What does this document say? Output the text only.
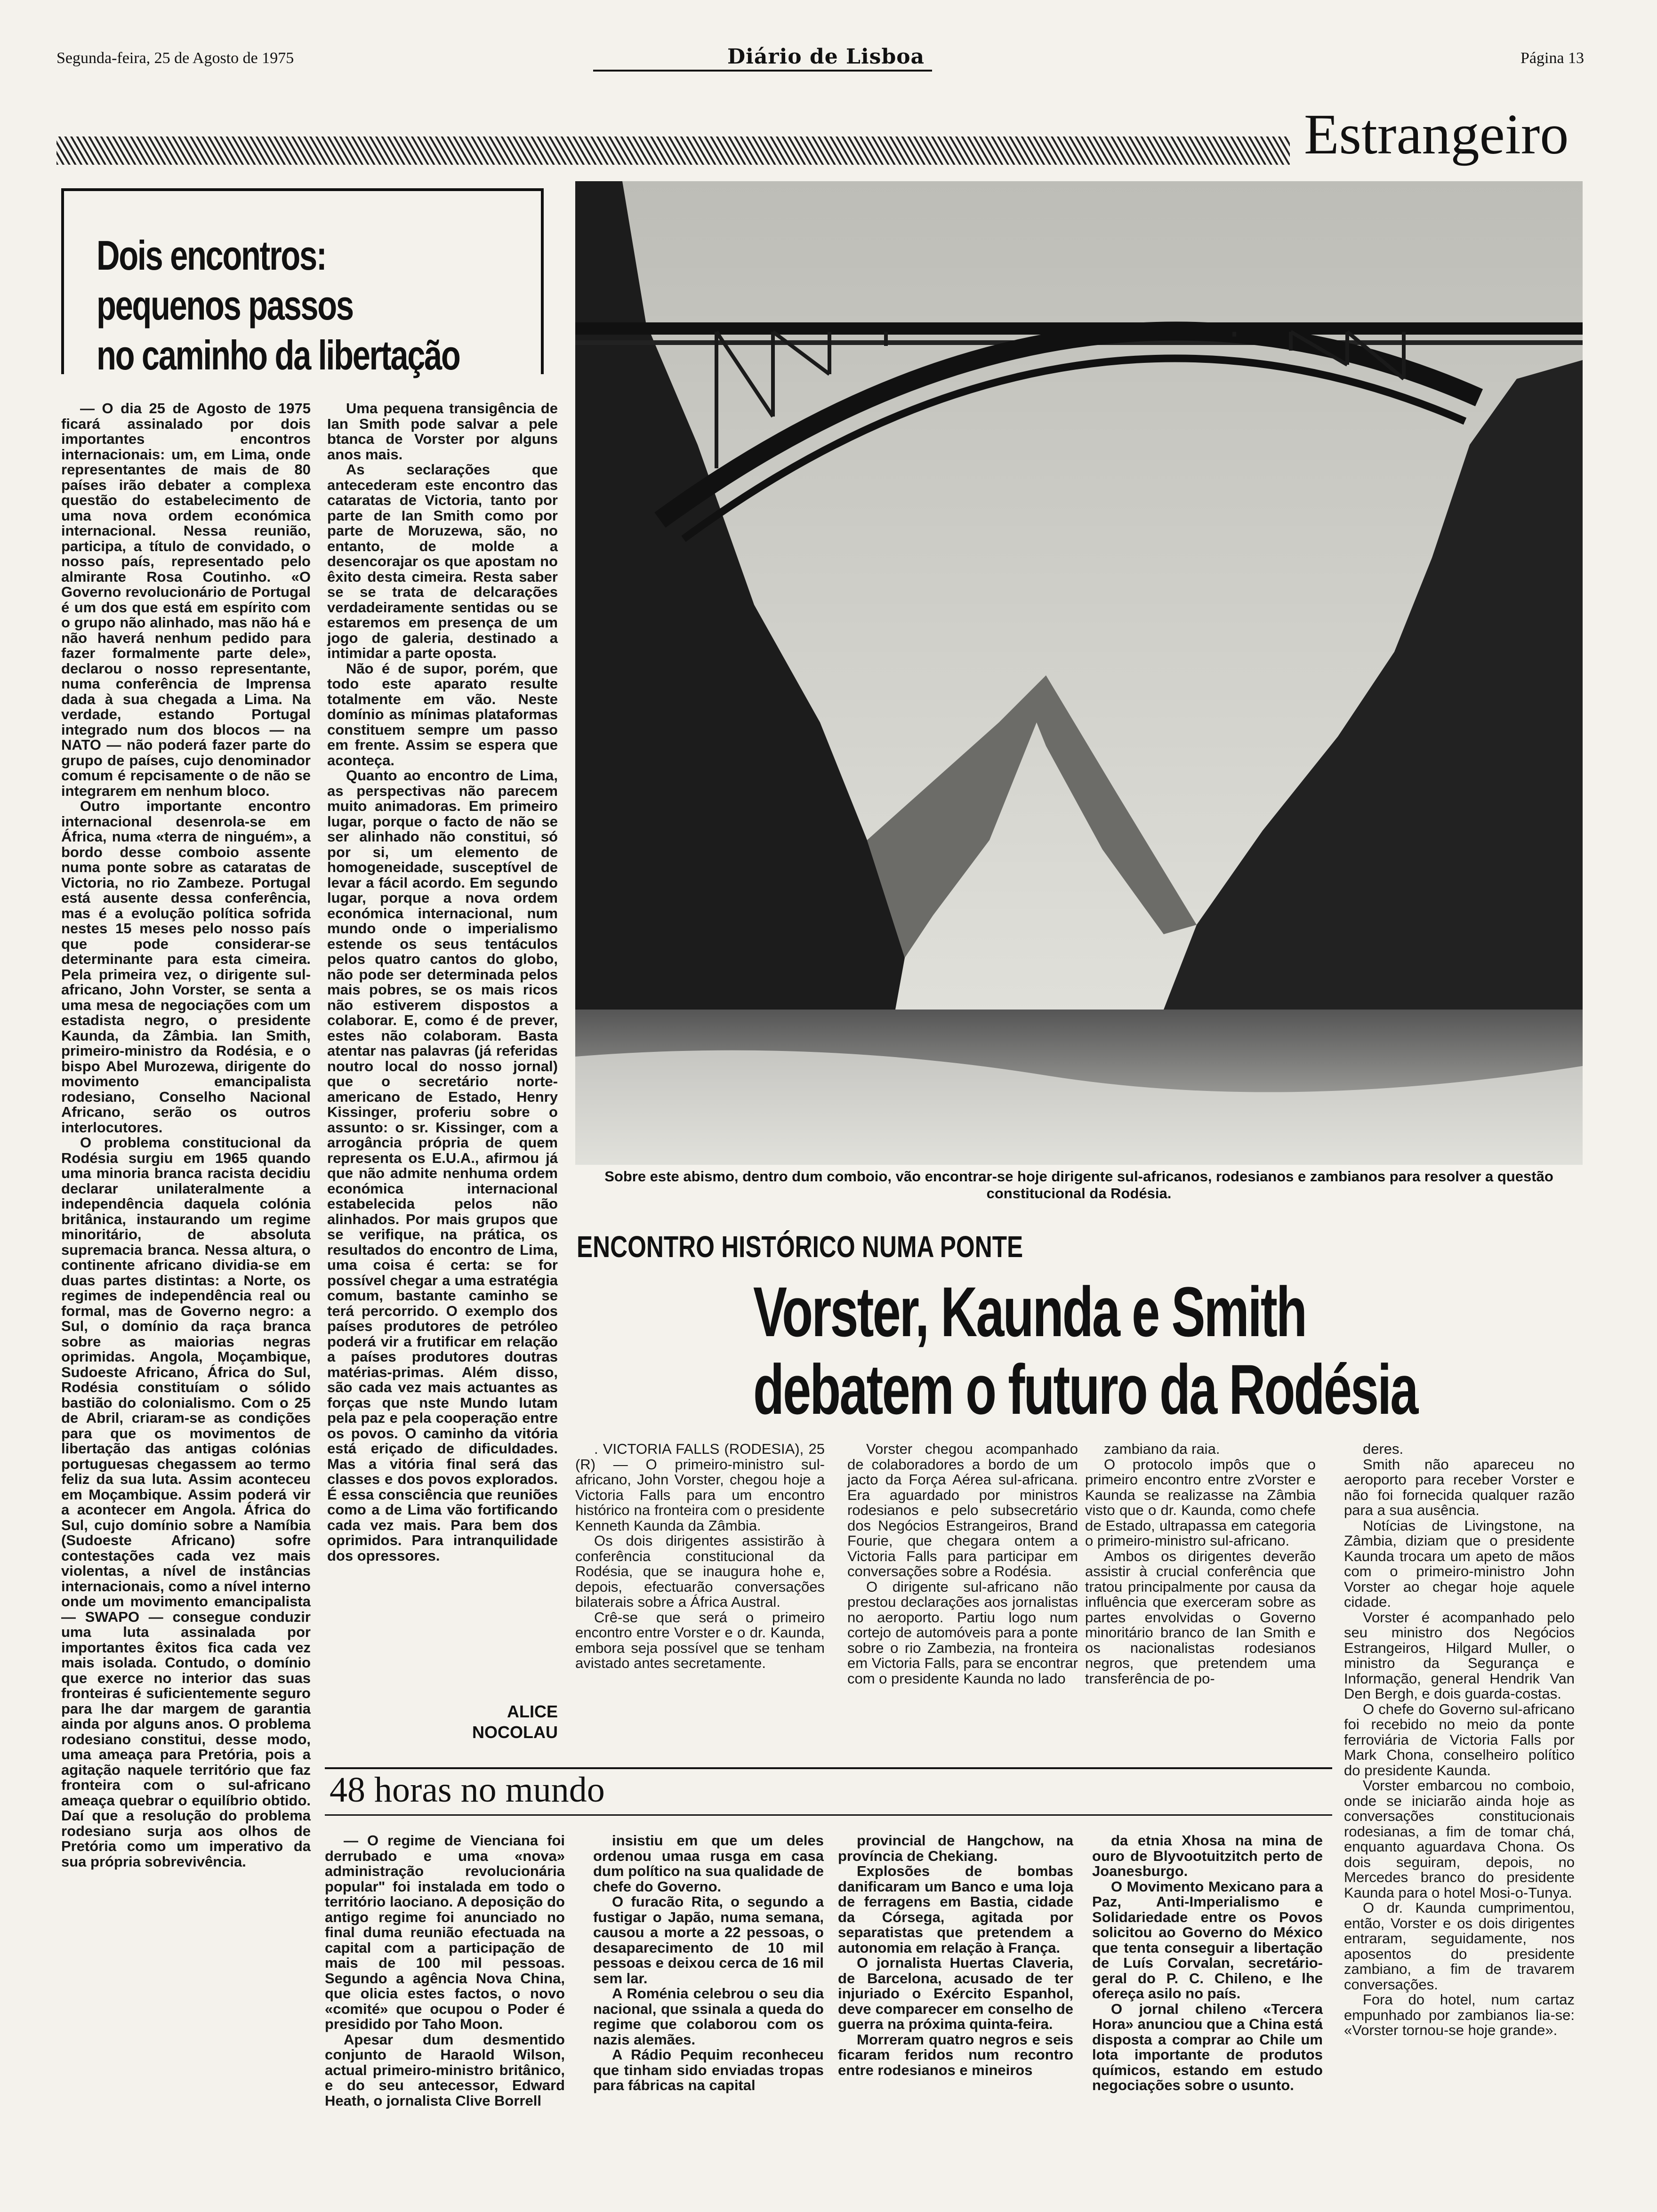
Segunda-feira, 25 de Agosto de 1975	Diário de Lisboa	Página 13
Estrangeiro
Dois encontros:
pequenos passos
no caminho da libertação

— O dia 25 de Agosto de 1975 ficará assinalado por dois importantes encontros internacionais: um, em Lima, onde representantes de mais de 80 países irão debater a complexa questão do estabelecimento de uma nova ordem económica internacional. Nessa reunião, participa, a título de convidado, o nosso país, representado pelo almirante Rosa Coutinho. «O Governo revolucionário de Portugal é um dos que está em espírito com o grupo não alinhado, mas não há e não haverá nenhum pedido para fazer formalmente parte dele», declarou o nosso representante, numa conferência de Imprensa dada à sua chegada a Lima. Na verdade, estando Portugal integrado num dos blocos — na NATO — não poderá fazer parte do grupo de países, cujo denominador comum é repcisamente o de não se integrarem em nenhum bloco.

Outro importante encontro internacional desenrola-se em África, numa «terra de ninguém», a bordo desse comboio assente numa ponte sobre as cataratas de Victoria, no rio Zambeze. Portugal está ausente dessa conferência, mas é a evolução política sofrida nestes 15 meses pelo nosso país que pode considerar-se determinante para esta cimeira. Pela primeira vez, o dirigente sul-africano, John Vorster, se senta a uma mesa de negociações com um estadista negro, o presidente Kaunda, da Zâmbia. Ian Smith, primeiro-ministro da Rodésia, e o bispo Abel Murozewa, dirigente do movimento emancipalista rodesiano, Conselho Nacional Africano, serão os outros interlocutores.

O problema constitucional da Rodésia surgiu em 1965 quando uma minoria branca racista decidiu declarar unilateralmente a independência daquela colónia britânica, instaurando um regime minoritário, de absoluta supremacia branca. Nessa altura, o continente africano dividia-se em duas partes distintas: a Norte, os regimes de independência real ou formal, mas de Governo negro: a Sul, o domínio da raça branca sobre as maiorias negras oprimidas. Angola, Moçambique, Sudoeste Africano, África do Sul, Rodésia constituíam o sólido bastião do colonialismo. Com o 25 de Abril, criaram-se as condições para que os movimentos de libertação das antigas colónias portuguesas chegassem ao termo feliz da sua luta. Assim aconteceu em Moçambique. Assim poderá vir a acontecer em Angola. África do Sul, cujo domínio sobre a Namíbia (Sudoeste Africano) sofre contestações cada vez mais violentas, a nível de instâncias internacionais, como a nível interno onde um movimento emancipalista — SWAPO — consegue conduzir uma luta assinalada por importantes êxitos fica cada vez mais isolada. Contudo, o domínio que exerce no interior das suas fronteiras é suficientemente seguro para lhe dar margem de garantia ainda por alguns anos. O problema rodesiano constitui, desse modo, uma ameaça para Pretória, pois a agitação naquele território que faz fronteira com o sul-africano ameaça quebrar o equilíbrio obtido. Daí que a resolução do problema rodesiano surja aos olhos de Pretória como um imperativo da sua própria sobrevivência.

Uma pequena transigência de Ian Smith pode salvar a pele btanca de Vorster por alguns anos mais.

As seclarações que antecederam este encontro das cataratas de Victoria, tanto por parte de Ian Smith como por parte de Moruzewa, são, no entanto, de molde a desencorajar os que apostam no êxito desta cimeira. Resta saber se se trata de delcarações verdadeiramente sentidas ou se estaremos em presença de um jogo de galeria, destinado a intimidar a parte oposta.

Não é de supor, porém, que todo este aparato resulte totalmente em vão. Neste domínio as mínimas plataformas constituem sempre um passo em frente. Assim se espera que aconteça.

Quanto ao encontro de Lima, as perspectivas não parecem muito animadoras. Em primeiro lugar, porque o facto de não se ser alinhado não constitui, só por si, um elemento de homogeneidade, susceptível de levar a fácil acordo. Em segundo lugar, porque a nova ordem económica internacional, num mundo onde o imperialismo estende os seus tentáculos pelos quatro cantos do globo, não pode ser determinada pelos mais pobres, se os mais ricos não estiverem dispostos a colaborar. E, como é de prever, estes não colaboram. Basta atentar nas palavras (já referidas noutro local do nosso jornal) que o secretário norte-americano de Estado, Henry Kissinger, proferiu sobre o assunto: o sr. Kissinger, com a arrogância própria de quem representa os E.U.A., afirmou já que não admite nenhuma ordem económica internacional estabelecida pelos não alinhados. Por mais grupos que se verifique, na prática, os resultados do encontro de Lima, uma coisa é certa: se for possível chegar a uma estratégia comum, bastante caminho se terá percorrido. O exemplo dos países produtores de petróleo poderá vir a frutificar em relação a países produtores doutras matérias-primas. Além disso, são cada vez mais actuantes as forças que nste Mundo lutam pela paz e pela cooperação entre os povos. O caminho da vitória está eriçado de dificuldades. Mas a vitória final será das classes e dos povos explorados. É essa consciência que reuniões como a de Lima vão fortificando cada vez mais. Para bem dos oprimidos. Para intranquilidade dos opressores.

ALICE
NOCOLAU
Sobre este abismo, dentro dum comboio, vão encontrar-se hoje dirigente sul-africanos, rodesianos e zambianos para resolver a questão constitucional da Rodésia.
ENCONTRO HISTÓRICO NUMA PONTE
Vorster, Kaunda e Smith
debatem o futuro da Rodésia

. VICTORIA FALLS (RODESIA), 25 (R) — O primeiro-ministro sul-africano, John Vorster, chegou hoje a Victoria Falls para um encontro histórico na fronteira com o presidente Kenneth Kaunda da Zâmbia.

Os dois dirigentes assistirão à conferência constitucional da Rodésia, que se inaugura hohe e, depois, efectuarão conversações bilaterais sobre a África Austral.

Crê-se que será o primeiro encontro entre Vorster e o dr. Kaunda, embora seja possível que se tenham avistado antes secretamente.

Vorster chegou acompanhado de colaboradores a bordo de um jacto da Força Aérea sul-africana. Era aguardado por ministros rodesianos e pelo subsecretário dos Negócios Estrangeiros, Brand Fourie, que chegara ontem a Victoria Falls para participar em conversações sobre a Rodésia.

O dirigente sul-africano não prestou declarações aos jornalistas no aeroporto. Partiu logo num cortejo de automóveis para a ponte sobre o rio Zambezia, na fronteira em Victoria Falls, para se encontrar com o presidente Kaunda no lado

zambiano da raia.

O protocolo impôs que o primeiro encontro entre zVorster e Kaunda se realizasse na Zâmbia visto que o dr. Kaunda, como chefe de Estado, ultrapassa em categoria o primeiro-ministro sul-africano.

Ambos os dirigentes deverão assistir à crucial conferência que tratou principalmente por causa da influência que exerceram sobre as partes envolvidas o Governo minoritário branco de Ian Smith e os nacionalistas rodesianos negros, que pretendem uma transferência de po-

deres.

Smith não apareceu no aeroporto para receber Vorster e não foi fornecida qualquer razão para a sua ausência.

Notícias de Livingstone, na Zâmbia, diziam que o presidente Kaunda trocara um apeto de mãos com o primeiro-ministro John Vorster ao chegar hoje aquele cidade.

Vorster é acompanhado pelo seu ministro dos Negócios Estrangeiros, Hilgard Muller, o ministro da Segurança e Informação, general Hendrik Van Den Bergh, e dois guarda-costas.

O chefe do Governo sul-africano foi recebido no meio da ponte ferroviária de Victoria Falls por Mark Chona, conselheiro político do presidente Kaunda.

Vorster embarcou no comboio, onde se iniciarão ainda hoje as conversações constitucionais rodesianas, a fim de tomar chá, enquanto aguardava Chona. Os dois seguiram, depois, no Mercedes branco do presidente Kaunda para o hotel Mosi-o-Tunya.

O dr. Kaunda cumprimentou, então, Vorster e os dois dirigentes entraram, seguidamente, nos aposentos do presidente zambiano, a fim de travarem conversações.

Fora do hotel, num cartaz empunhado por zambianos lia-se: «Vorster tornou-se hoje grande».

48 horas no mundo

— O regime de Vienciana foi derrubado e uma «nova» administração revolucionária popular" foi instalada em todo o território laociano. A deposição do antigo regime foi anunciado no final duma reunião efectuada na capital com a participação de mais de 100 mil pessoas. Segundo a agência Nova China, que olicia estes factos, o novo «comité» que ocupou o Poder é presidido por Taho Moon.

Apesar dum desmentido conjunto de Haraold Wilson, actual primeiro-ministro britânico, e do seu antecessor, Edward Heath, o jornalista Clive Borrell

insistiu em que um deles ordenou umaa rusga em casa dum político na sua qualidade de chefe do Governo.

O furacão Rita, o segundo a fustigar o Japão, numa semana, causou a morte a 22 pessoas, o desaparecimento de 10 mil pessoas e deixou cerca de 16 mil sem lar.

A Roménia celebrou o seu dia nacional, que ssinala a queda do regime que colaborou com os nazis alemães.

A Rádio Pequim reconheceu que tinham sido enviadas tropas para fábricas na capital

provincial de Hangchow, na província de Chekiang.

Explosões de bombas danificaram um Banco e uma loja de ferragens em Bastia, cidade da Córsega, agitada por separatistas que pretendem a autonomia em relação à França.

O jornalista Huertas Claveria, de Barcelona, acusado de ter injuriado o Exército Espanhol, deve comparecer em conselho de guerra na próxima quinta-feira.

Morreram quatro negros e seis ficaram feridos num recontro entre rodesianos e mineiros

da etnia Xhosa na mina de ouro de Blyvootuitzitch perto de Joanesburgo.

O Movimento Mexicano para a Paz, Anti-Imperialismo e Solidariedade entre os Povos solicitou ao Governo do México que tenta conseguir a libertação de Luís Corvalan, secretário-geral do P. C. Chileno, e lhe ofereça asilo no país.

O jornal chileno «Tercera Hora» anunciou que a China está disposta a comprar ao Chile um lota importante de produtos químicos, estando em estudo negociações sobre o usunto.
